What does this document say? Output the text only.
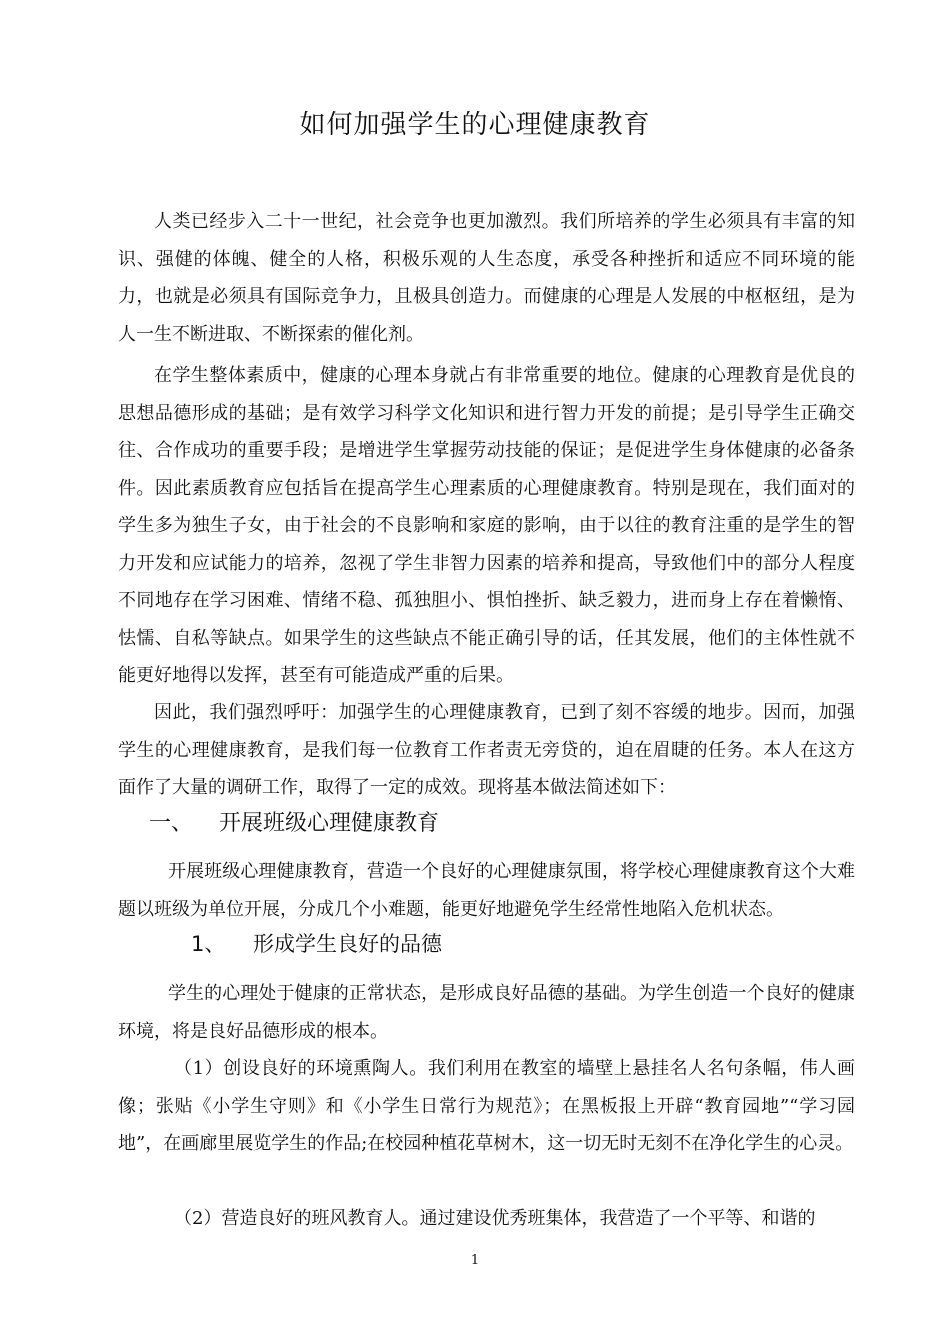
如何加强学生的心理健康教育
人类已经步入二十一世纪，社会竞争也更加激烈。我们所培养的学生必须具有丰富的知识、强健的体魄、健全的人格，积极乐观的人生态度，承受各种挫折和适应不同环境的能力，也就是必须具有国际竞争力，且极具创造力。而健康的心理是人发展的中枢枢纽，是为人一生不断进取、不断探索的催化剂。
在学生整体素质中，健康的心理本身就占有非常重要的地位。健康的心理教育是优良的思想品德形成的基础；是有效学习科学文化知识和进行智力开发的前提；是引导学生正确交往、合作成功的重要手段；是增进学生掌握劳动技能的保证；是促进学生身体健康的必备条件。因此素质教育应包括旨在提高学生心理素质的心理健康教育。特别是现在，我们面对的学生多为独生子女，由于社会的不良影响和家庭的影响，由于以往的教育注重的是学生的智力开发和应试能力的培养，忽视了学生非智力因素的培养和提高，导致他们中的部分人程度不同地存在学习困难、情绪不稳、孤独胆小、惧怕挫折、缺乏毅力，进而身上存在着懒惰、怯懦、自私等缺点。如果学生的这些缺点不能正确引导的话，任其发展，他们的主体性就不能更好地得以发挥，甚至有可能造成严重的后果。
因此，我们强烈呼吁：加强学生的心理健康教育，已到了刻不容缓的地步。因而，加强学生的心理健康教育，是我们每一位教育工作者责无旁贷的，迫在眉睫的任务。本人在这方面作了大量的调研工作，取得了一定的成效。现将基本做法简述如下：
一、 开展班级心理健康教育
开展班级心理健康教育，营造一个良好的心理健康氛围，将学校心理健康教育这个大难题以班级为单位开展，分成几个小难题，能更好地避免学生经常性地陷入危机状态。
1、 形成学生良好的品德
学生的心理处于健康的正常状态，是形成良好品德的基础。为学生创造一个良好的健康环境，将是良好品德形成的根本。
（1）创设良好的环境熏陶人。我们利用在教室的墙壁上悬挂名人名句条幅，伟人画像；张贴《小学生守则》和《小学生日常行为规范》；在黑板报上开辟“教育园地”“学习园地”，在画廊里展览学生的作品;在校园种植花草树木，这一切无时无刻不在净化学生的心灵。
（2）营造良好的班风教育人。通过建设优秀班集体，我营造了一个平等、和谐的
1
